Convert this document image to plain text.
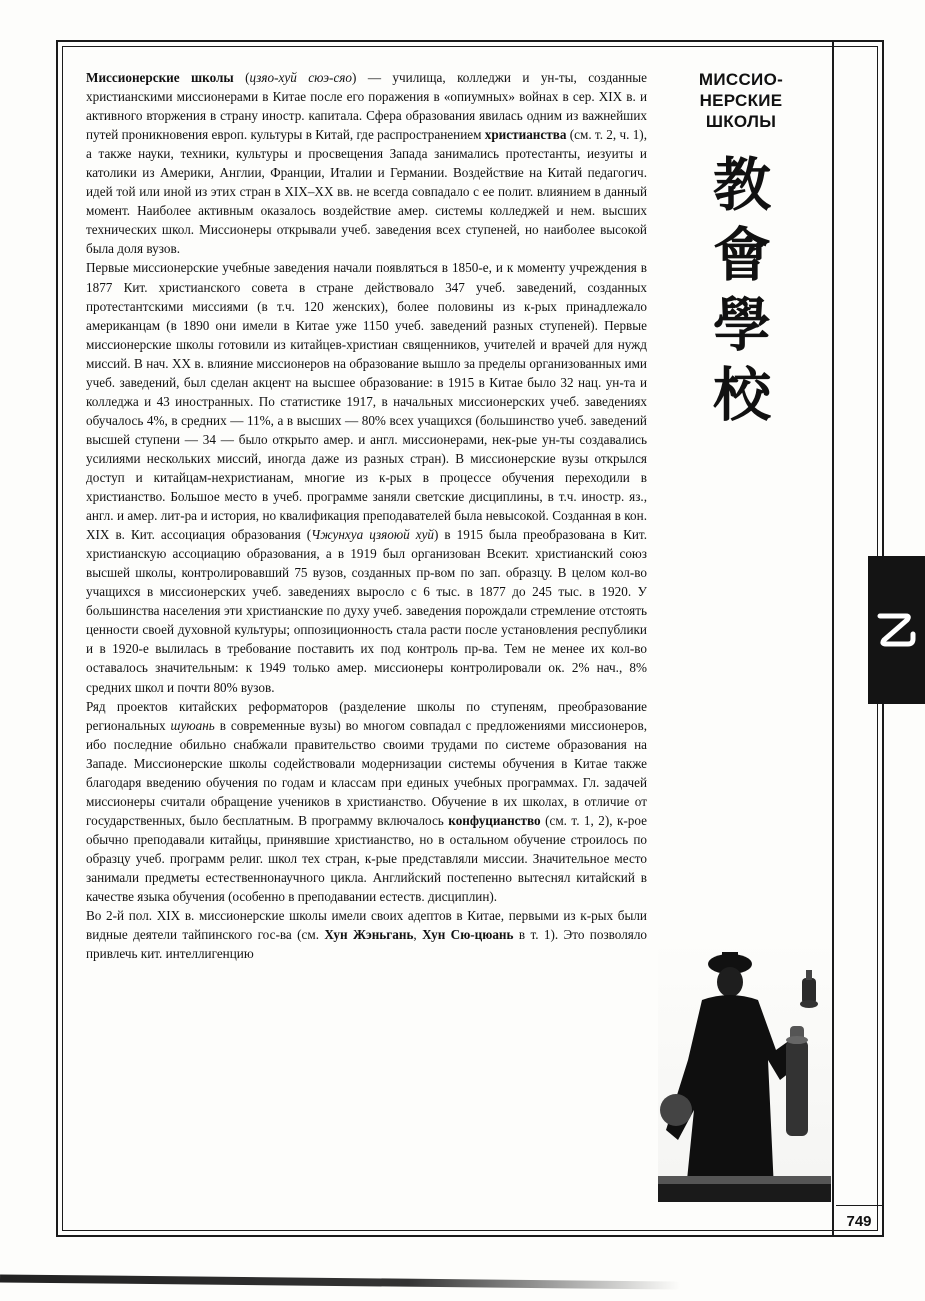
Миссионерские школы (цзяо-хуй сюэ-сяо) — училища, колледжи и ун-ты, созданные христианскими миссионерами в Китае после его поражения в «опиумных» войнах в сер. XIX в. и активного вторжения в страну иностр. капитала. Сфера образования явилась одним из важнейших путей проникновения европ. культуры в Китай, где распространением христианства (см. т. 2, ч. 1), а также науки, техники, культуры и просвещения Запада занимались протестанты, иезуиты и католики из Америки, Англии, Франции, Италии и Германии. Воздействие на Китай педагогич. идей той или иной из этих стран в XIX–XX вв. не всегда совпадало с ее полит. влиянием в данный момент. Наиболее активным оказалось воздействие амер. системы колледжей и нем. высших технических школ. Миссионеры открывали учеб. заведения всех ступеней, но наиболее высокой была доля вузов.

Первые миссионерские учебные заведения начали появляться в 1850-е, и к моменту учреждения в 1877 Кит. христианского совета в стране действовало 347 учеб. заведений, созданных протестантскими миссиями (в т.ч. 120 женских), более половины из к-рых принадлежало американцам (в 1890 они имели в Китае уже 1150 учеб. заведений разных ступеней). Первые миссионерские школы готовили из китайцев-христиан священников, учителей и врачей для нужд миссий. В нач. XX в. влияние миссионеров на образование вышло за пределы организованных ими учеб. заведений, был сделан акцент на высшее образование: в 1915 в Китае было 32 нац. ун-та и колледжа и 43 иностранных. По статистике 1917, в начальных миссионерских учеб. заведениях обучалось 4%, в средних — 11%, а в высших — 80% всех учащихся (большинство учеб. заведений высшей ступени — 34 — было открыто амер. и англ. миссионерами, нек-рые ун-ты создавались усилиями нескольких миссий, иногда даже из разных стран). В миссионерские вузы открылся доступ и китайцам-нехристианам, многие из к-рых в процессе обучения переходили в христианство. Большое место в учеб. программе заняли светские дисциплины, в т.ч. иностр. яз., англ. и амер. лит-ра и история, но квалификация преподавателей была невысокой. Созданная в кон. XIX в. Кит. ассоциация образования (Чжунхуа цзяоюй хуй) в 1915 была преобразована в Кит. христианскую ассоциацию образования, а в 1919 был организован Всекит. христианский союз высшей школы, контролировавший 75 вузов, созданных пр-вом по зап. образцу. В целом кол-во учащихся в миссионерских учеб. заведениях выросло с 6 тыс. в 1877 до 245 тыс. в 1920. У большинства населения эти христианские по духу учеб. заведения порождали стремление отстоять ценности своей духовной культуры; оппозиционность стала расти после установления республики и в 1920-е вылилась в требование поставить их под контроль пр-ва. Тем не менее их кол-во оставалось значительным: к 1949 только амер. миссионеры контролировали ок. 2% нач., 8% средних школ и почти 80% вузов.

Ряд проектов китайских реформаторов (разделение школы по ступеням, преобразование региональных шуюань в современные вузы) во многом совпадал с предложениями миссионеров, ибо последние обильно снабжали правительство своими трудами по системе образования на Западе. Миссионерские школы содействовали модернизации системы обучения в Китае также благодаря введению обучения по годам и классам при единых учебных программах. Гл. задачей миссионеры считали обращение учеников в христианство. Обучение в их школах, в отличие от государственных, было бесплатным. В программу включалось конфуцианство (см. т. 1, 2), к-рое обычно преподавали китайцы, принявшие христианство, но в остальном обучение строилось по образцу учеб. программ религ. школ тех стран, к-рые представляли миссии. Значительное место занимали предметы естественнонаучного цикла. Английский постепенно вытеснял китайский в качестве языка обучения (особенно в преподавании естеств. дисциплин).

Во 2-й пол. XIX в. миссионерские школы имели своих адептов в Китае, первыми из к-рых были видные деятели тайпинского гос-ва (см. Хун Жэньгань, Хун Сю-цюань в т. 1). Это позволяло привлечь кит. интеллигенцию

МИССИО-
НЕРСКИЕ
ШКОЛЫ
教
會
學
校
749
